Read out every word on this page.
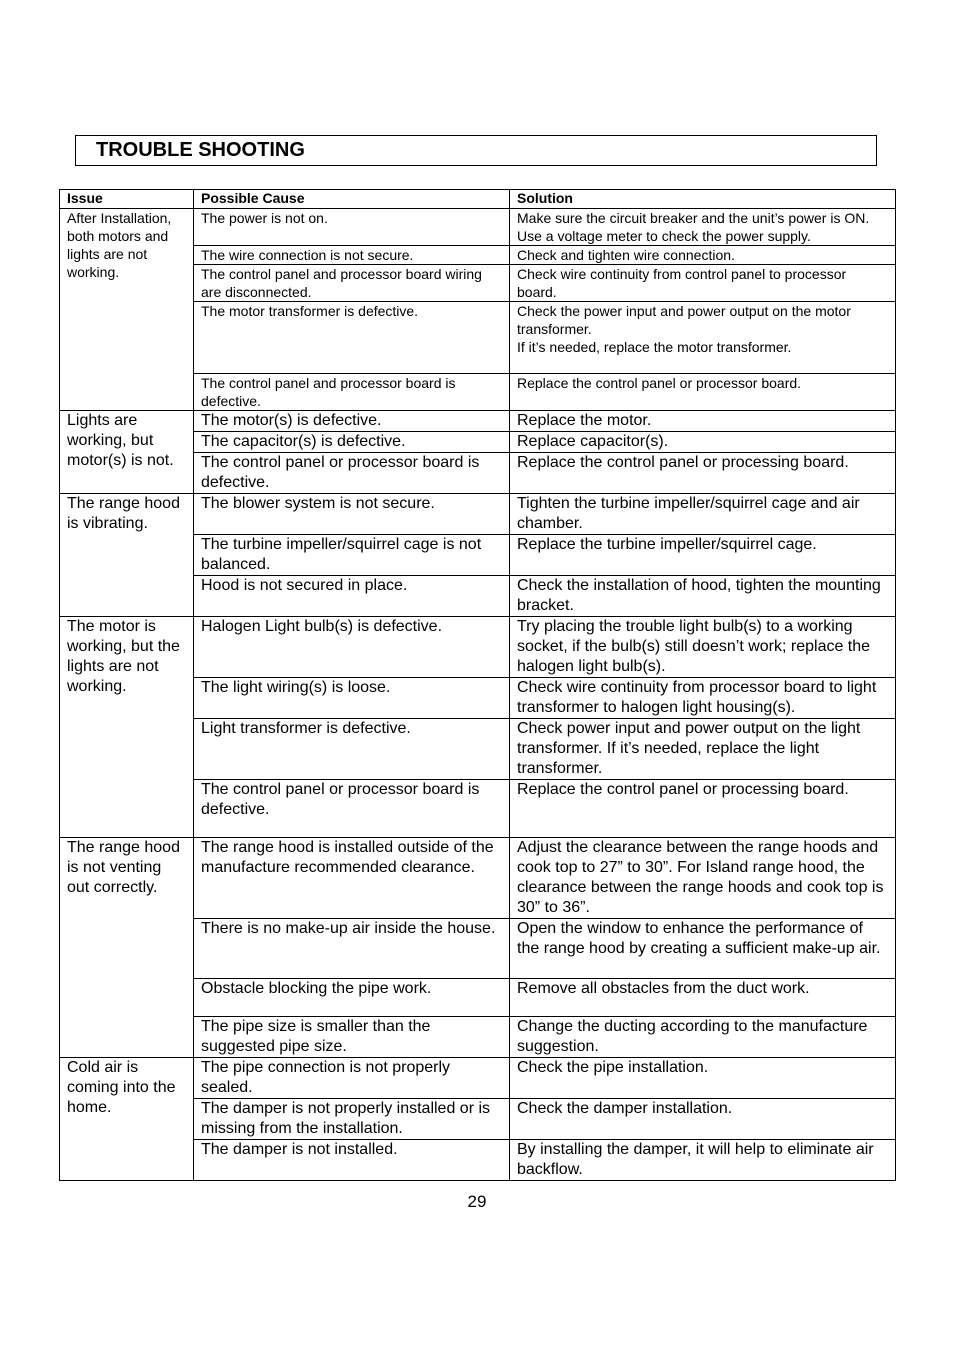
TROUBLE SHOOTING
Issue	Possible Cause	Solution
After Installation, both motors and lights are not working.	The power is not on.	Make sure the circuit breaker and the unit’s power is ON. Use a voltage meter to check the power supply.
	The wire connection is not secure.	Check and tighten wire connection.
	The control panel and processor board wiring are disconnected.	Check wire continuity from control panel to processor board.
	The motor transformer is defective.	Check the power input and power output on the motor transformer.
If it’s needed, replace the motor transformer.
	The control panel and processor board is defective.	Replace the control panel or processor board.
Lights are working, but motor(s) is not.	The motor(s) is defective.	Replace the motor.
	The capacitor(s) is defective.	Replace capacitor(s).
	The control panel or processor board is defective.	Replace the control panel or processing board.
The range hood is vibrating.	The blower system is not secure.	Tighten the turbine impeller/squirrel cage and air chamber.
	The turbine impeller/squirrel cage is not balanced.	Replace the turbine impeller/squirrel cage.
	Hood is not secured in place.	Check the installation of hood, tighten the mounting bracket.
The motor is working, but the lights are not working.	Halogen Light bulb(s) is defective.	Try placing the trouble light bulb(s) to a working socket, if the bulb(s) still doesn’t work; replace the halogen light bulb(s).
	The light wiring(s) is loose.	Check wire continuity from processor board to light transformer to halogen light housing(s).
	Light transformer is defective.	Check power input and power output on the light transformer. If it’s needed, replace the light transformer.
	The control panel or processor board is defective.	Replace the control panel or processing board.
The range hood is not venting out correctly.	The range hood is installed outside of the manufacture recommended clearance.	Adjust the clearance between the range hoods and cook top to 27” to 30”. For Island range hood, the clearance between the range hoods and cook top is 30” to 36”.
	There is no make-up air inside the house.	Open the window to enhance the performance of the range hood by creating a sufficient make-up air.
	Obstacle blocking the pipe work.	Remove all obstacles from the duct work.
	The pipe size is smaller than the suggested pipe size.	Change the ducting according to the manufacture suggestion.
Cold air is coming into the home.	The pipe connection is not properly sealed.	Check the pipe installation.
	The damper is not properly installed or is missing from the installation.	Check the damper installation.
	The damper is not installed.	By installing the damper, it will help to eliminate air backflow.
29
